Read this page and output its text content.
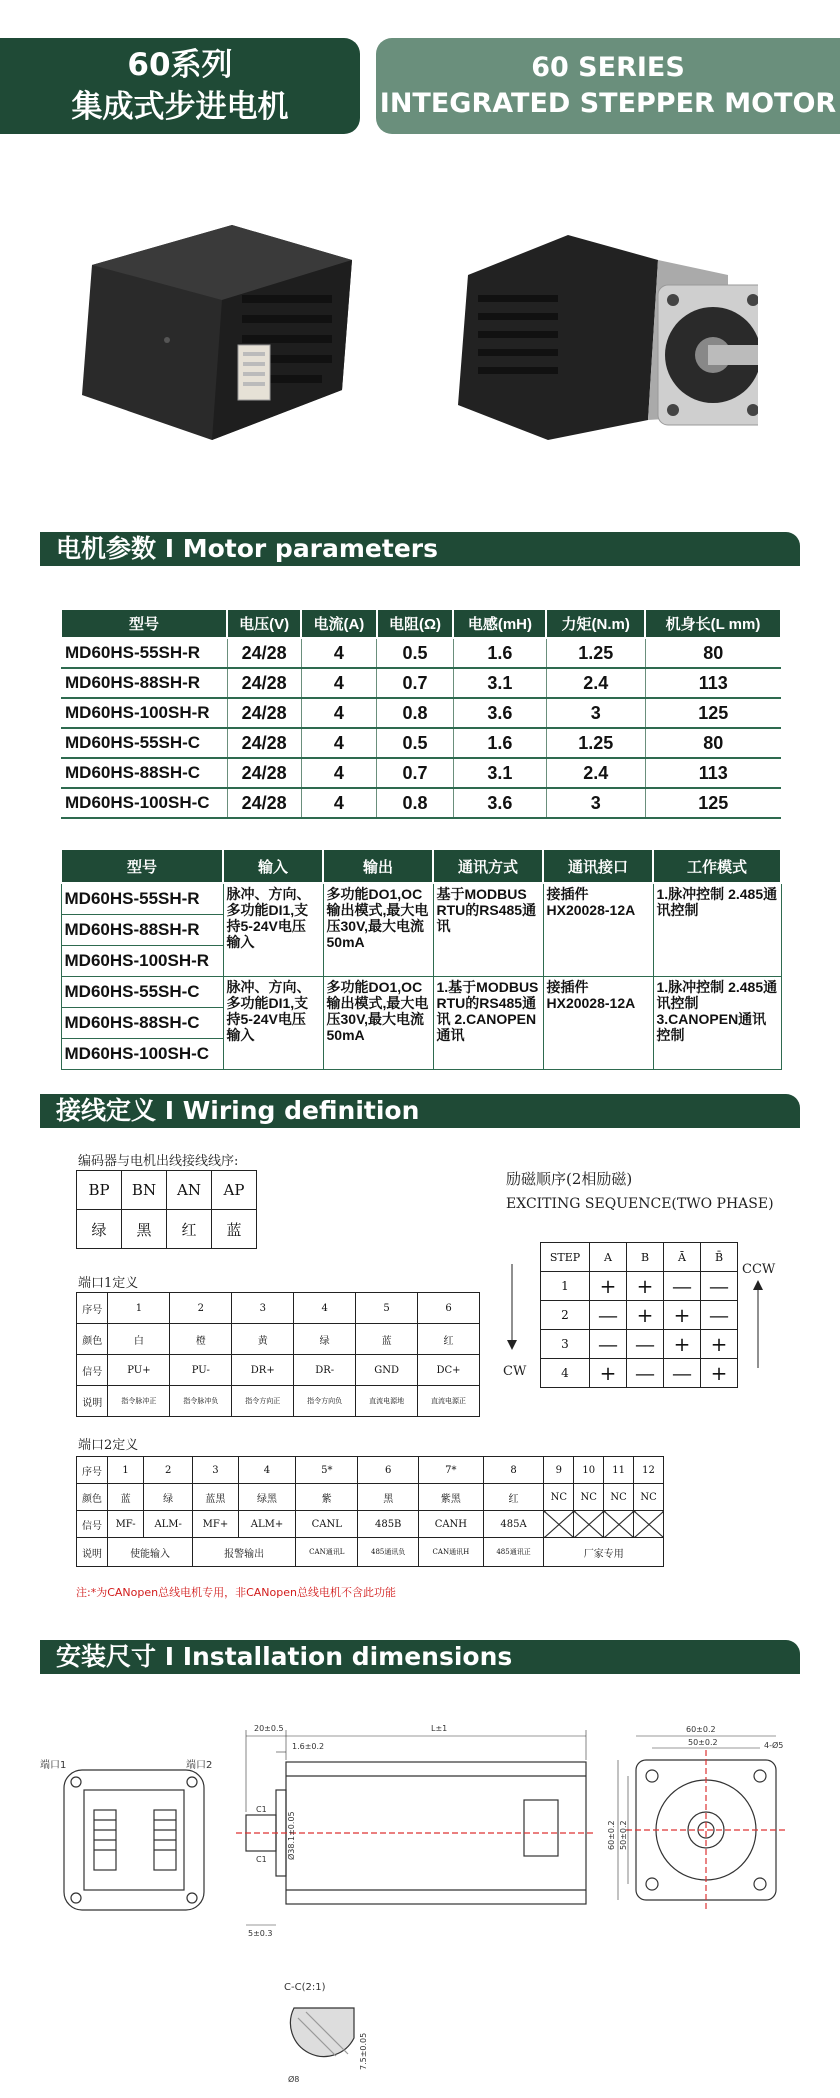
60系列
集成式步进电机
60 SERIES
INTEGRATED STEPPER MOTOR
电机参数 I Motor parameters
型号	电压(V)	电流(A)	电阻(Ω)	电感(mH)	力矩(N.m)	机身长(L mm)
MD60HS-55SH-R	24/28	4	0.5	1.6	1.25	80
MD60HS-88SH-R	24/28	4	0.7	3.1	2.4	113
MD60HS-100SH-R	24/28	4	0.8	3.6	3	125
MD60HS-55SH-C	24/28	4	0.5	1.6	1.25	80
MD60HS-88SH-C	24/28	4	0.7	3.1	2.4	113
MD60HS-100SH-C	24/28	4	0.8	3.6	3	125
型号	输入	输出	通讯方式	通讯接口	工作模式
MD60HS-55SH-R	脉冲、方向、多功能DI1,支持5-24V电压输入	多功能DO1,OC输出模式,最大电压30V,最大电流50mA	基于MODBUS RTU的RS485通讯	接插件 HX20028-12A	1.脉冲控制 2.485通讯控制
MD60HS-88SH-R					
MD60HS-100SH-R					
MD60HS-55SH-C	脉冲、方向、多功能DI1,支持5-24V电压输入	多功能DO1,OC输出模式,最大电压30V,最大电流50mA	1.基于MODBUS RTU的RS485通讯 2.CANOPEN通讯	接插件 HX20028-12A	1.脉冲控制 2.485通讯控制 3.CANOPEN通讯控制
MD60HS-88SH-C					
MD60HS-100SH-C					
接线定义 I Wiring definition
编码器与电机出线接线线序:
BP	BN	AN	AP
绿	黑	红	蓝
励磁顺序(2相励磁)
EXCITING SEQUENCE(TWO PHASE)
STEP	A	B	Ā	B̄
1	+	+	—	—
2	—	+	+	—
3	—	—	+	+
4	+	—	—	+
CCW
CW
端口1定义
序号	1	2	3	4	5	6
颜色	白	橙	黄	绿	蓝	红
信号	PU+	PU-	DR+	DR-	GND	DC+
说明	指令脉冲正	指令脉冲负	指令方向正	指令方向负	直流电源地	直流电源正
端口2定义
序号	1	2	3	4	5*	6	7*	8	9	10	11	12
颜色	蓝	绿	蓝黑	绿黑	紫	黑	紫黑	红	NC	NC	NC	NC
信号	MF-	ALM-	MF+	ALM+	CANL	485B	CANH	485A				
说明	使能输入		报警输出		CAN通讯L	485通讯负	CAN通讯H	485通讯正	厂家专用			
注:*为CANopen总线电机专用，非CANopen总线电机不含此功能
安装尺寸 I Installation dimensions
端口1	端口2
20±0.5
1.6±0.2
L±1
C1
C1	Ø38.1±0.05
5±0.3
60±0.2
50±0.2
60±0.2 50±0.2
4-Ø5
C-C(2:1)
Ø8
7.5±0.05
